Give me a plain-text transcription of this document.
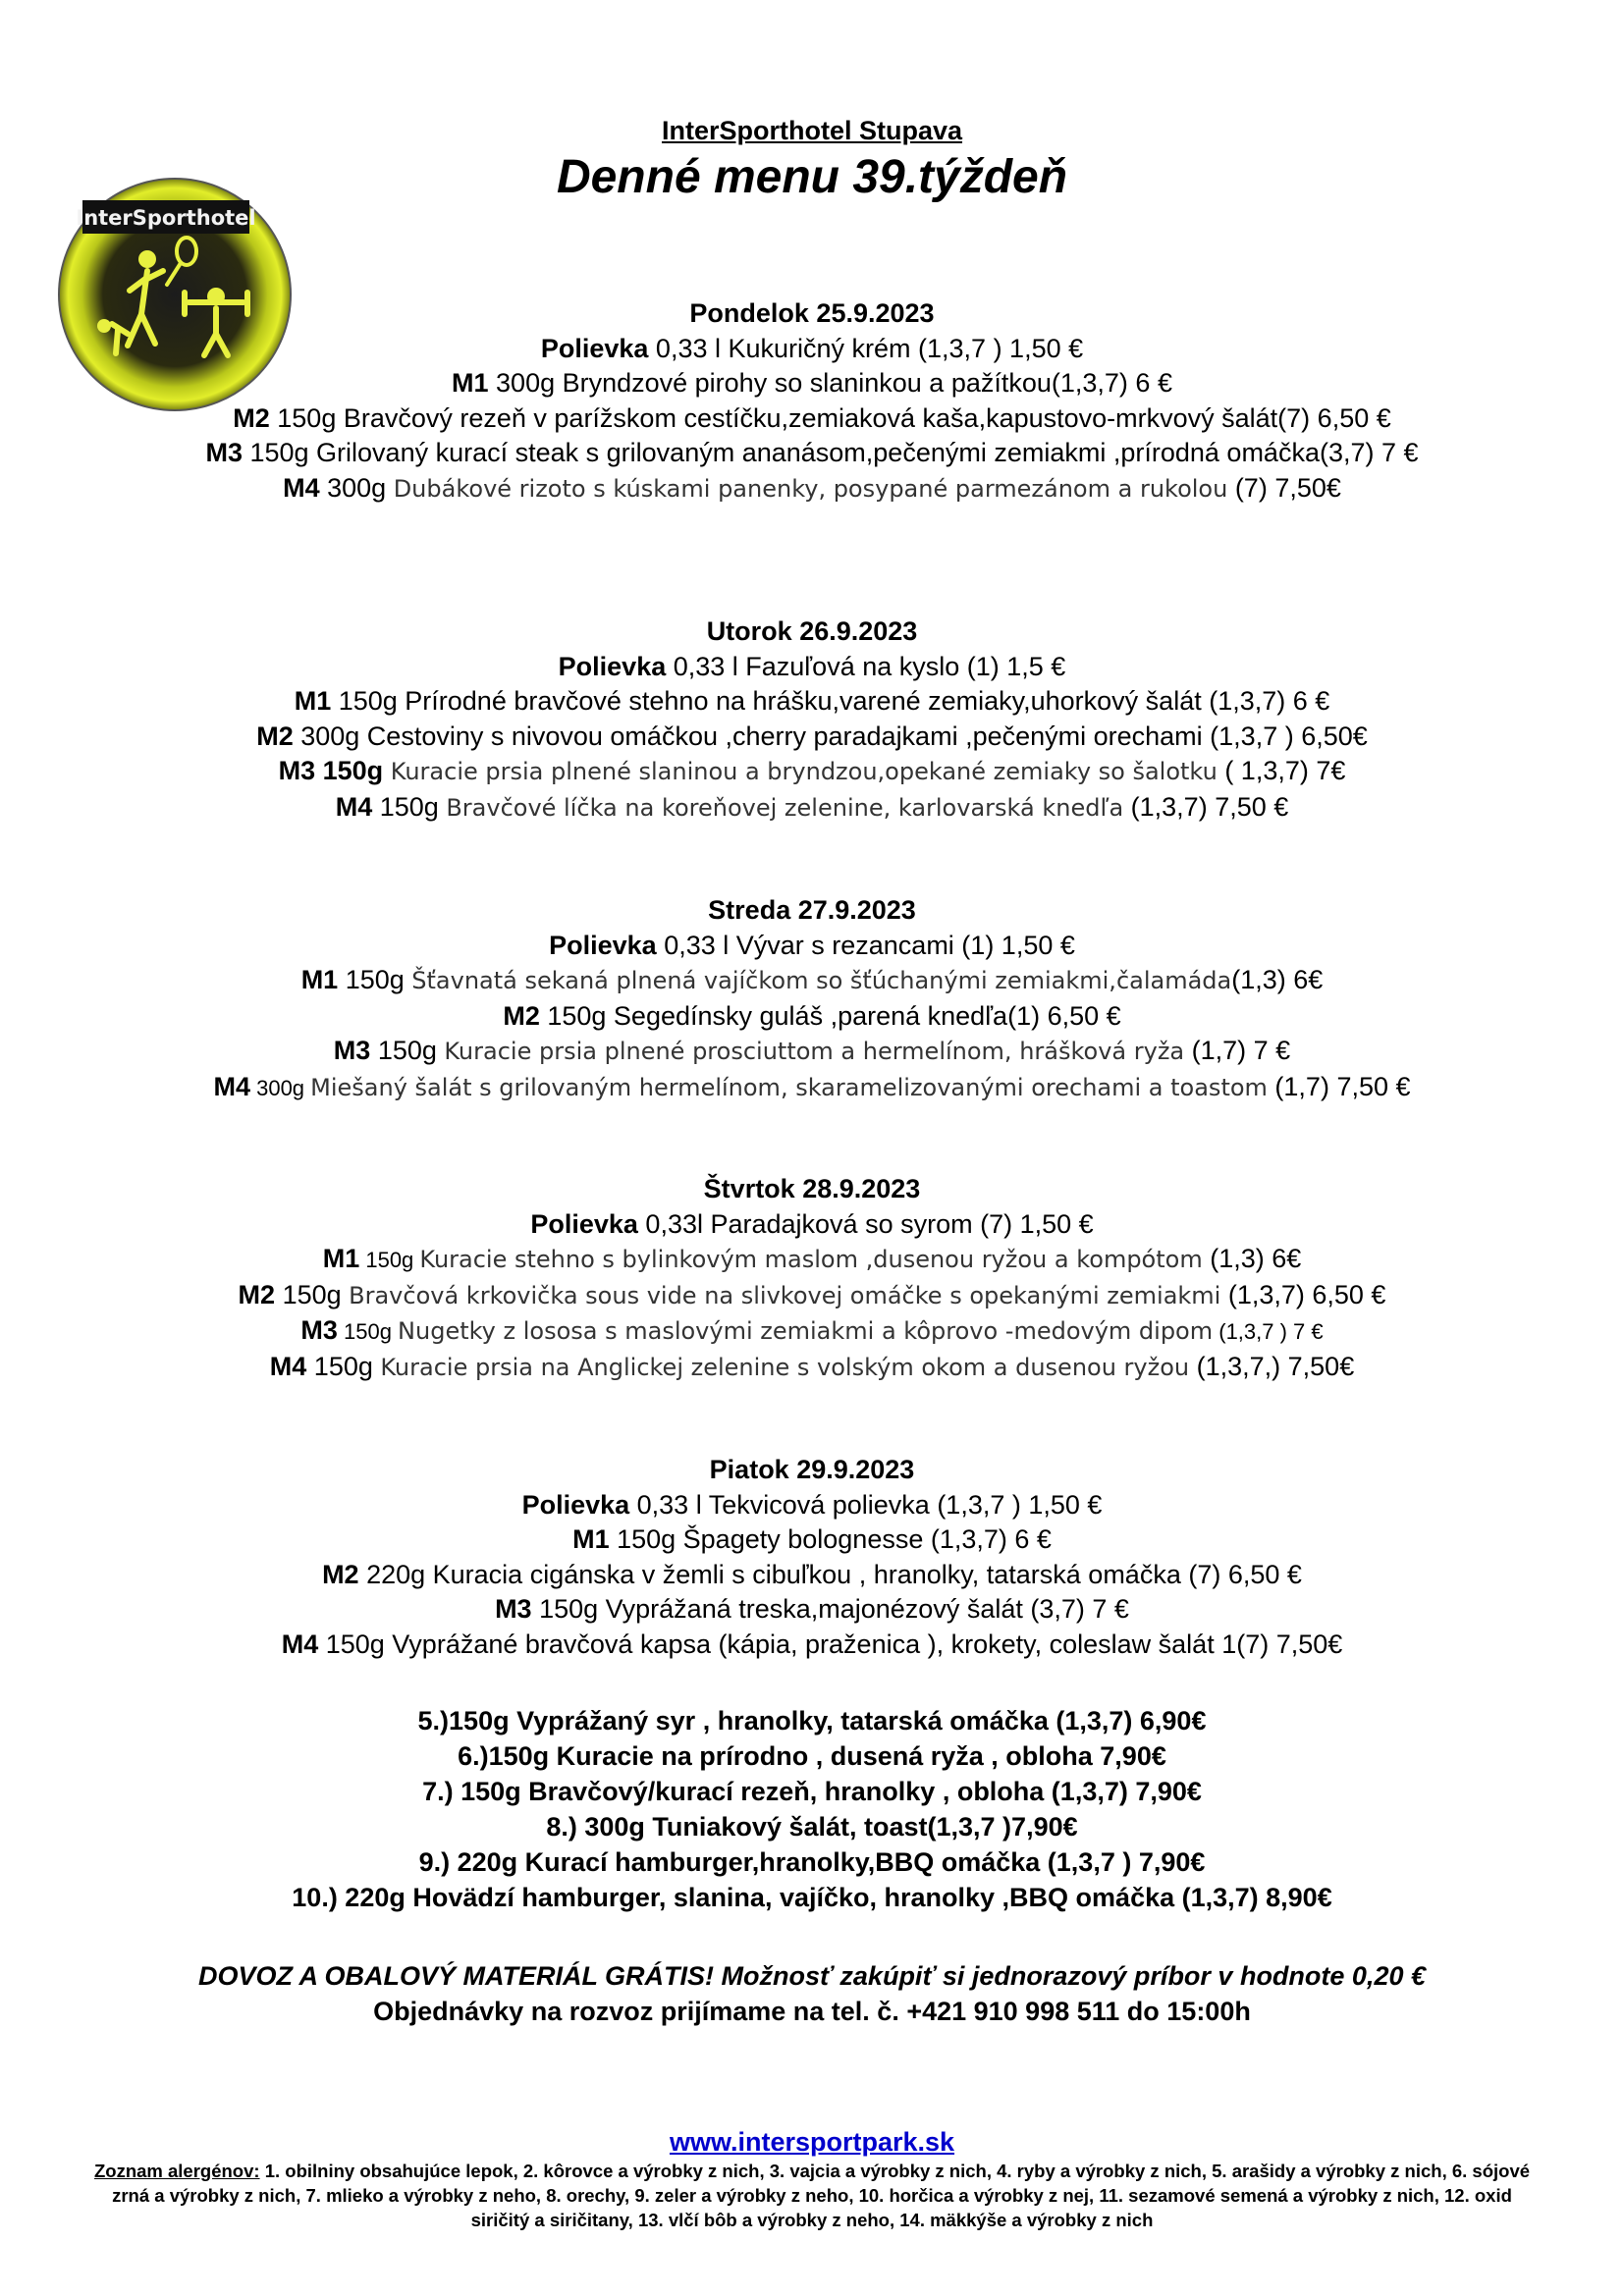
InterSporthotel
InterSporthotel Stupava
Denné menu 39.týždeň
Pondelok 25.9.2023
Polievka 0,33 l Kukuričný krém (1,3,7 ) 1,50 €
M1 300g Bryndzové pirohy so slaninkou a pažítkou(1,3,7) 6 €
M2 150g Bravčový rezeň v parížskom cestíčku,zemiaková kaša,kapustovo-mrkvový šalát(7) 6,50 €
M3 150g Grilovaný kurací steak s grilovaným ananásom,pečenými zemiakmi ,prírodná omáčka(3,7) 7 €
M4 300g Dubákové rizoto s kúskami panenky, posypané parmezánom a rukolou (7) 7,50€
Utorok 26.9.2023
Polievka 0,33 l Fazuľová na kyslo (1) 1,5 €
M1 150g Prírodné bravčové stehno na hrášku,varené zemiaky,uhorkový šalát (1,3,7) 6 €
M2 300g Cestoviny s nivovou omáčkou ,cherry paradajkami ,pečenými orechami (1,3,7 ) 6,50€
M3 150g Kuracie prsia plnené slaninou a bryndzou,opekané zemiaky so šalotku ( 1,3,7) 7€
M4 150g Bravčové líčka na koreňovej zelenine, karlovarská knedľa (1,3,7) 7,50 €
Streda 27.9.2023
Polievka 0,33 l Vývar s rezancami (1) 1,50 €
M1 150g Šťavnatá sekaná plnená vajíčkom so šťúchanými zemiakmi,čalamáda(1,3) 6€
M2 150g Segedínsky guláš ,parená knedľa(1) 6,50 €
M3 150g Kuracie prsia plnené prosciuttom a hermelínom, hrášková ryža (1,7) 7 €
M4 300g Miešaný šalát s grilovaným hermelínom, skaramelizovanými orechami a toastom (1,7) 7,50 €
Štvrtok 28.9.2023
Polievka 0,33l Paradajková so syrom (7) 1,50 €
M1 150g Kuracie stehno s bylinkovým maslom ,dusenou ryžou a kompótom (1,3) 6€
M2 150g Bravčová krkovička sous vide na slivkovej omáčke s opekanými zemiakmi (1,3,7) 6,50 €
M3 150g Nugetky z lososa s maslovými zemiakmi a kôprovo -medovým dipom (1,3,7 ) 7 €
M4 150g Kuracie prsia na Anglickej zelenine s volským okom a dusenou ryžou (1,3,7,) 7,50€
Piatok 29.9.2023
Polievka 0,33 l Tekvicová polievka (1,3,7 ) 1,50 €
M1 150g Špagety bolognesse (1,3,7) 6 €
M2 220g Kuracia cigánska v žemli s cibuľkou , hranolky, tatarská omáčka (7) 6,50 €
M3 150g Vyprážaná treska,majonézový šalát (3,7) 7 €
M4 150g Vyprážané bravčová kapsa (kápia, praženica ), krokety, coleslaw šalát 1(7) 7,50€
5.)150g Vyprážaný syr , hranolky, tatarská omáčka (1,3,7) 6,90€
6.)150g Kuracie na prírodno , dusená ryža , obloha 7,90€
7.) 150g Bravčový/kurací rezeň, hranolky , obloha (1,3,7) 7,90€
8.) 300g Tuniakový šalát, toast(1,3,7 )7,90€
9.) 220g Kurací hamburger,hranolky,BBQ omáčka (1,3,7 ) 7,90€
10.) 220g Hovädzí hamburger, slanina, vajíčko, hranolky ,BBQ omáčka (1,3,7) 8,90€
DOVOZ A OBALOVÝ MATERIÁL GRÁTIS! Možnosť zakúpiť si jednorazový príbor v hodnote 0,20 €
Objednávky na rozvoz prijímame na tel. č. +421 910 998 511 do 15:00h
www.intersportpark.sk
Zoznam alergénov: 1. obilniny obsahujúce lepok, 2. kôrovce a výrobky z nich, 3. vajcia a výrobky z nich, 4. ryby a výrobky z nich, 5. arašidy a výrobky z nich, 6. sójové zrná a výrobky z nich, 7. mlieko a výrobky z neho, 8. orechy, 9. zeler a výrobky z neho, 10. horčica a výrobky z nej, 11. sezamové semená a výrobky z nich, 12. oxid siričitý a siričitany, 13. vlčí bôb a výrobky z neho, 14. mäkkýše a výrobky z nich
